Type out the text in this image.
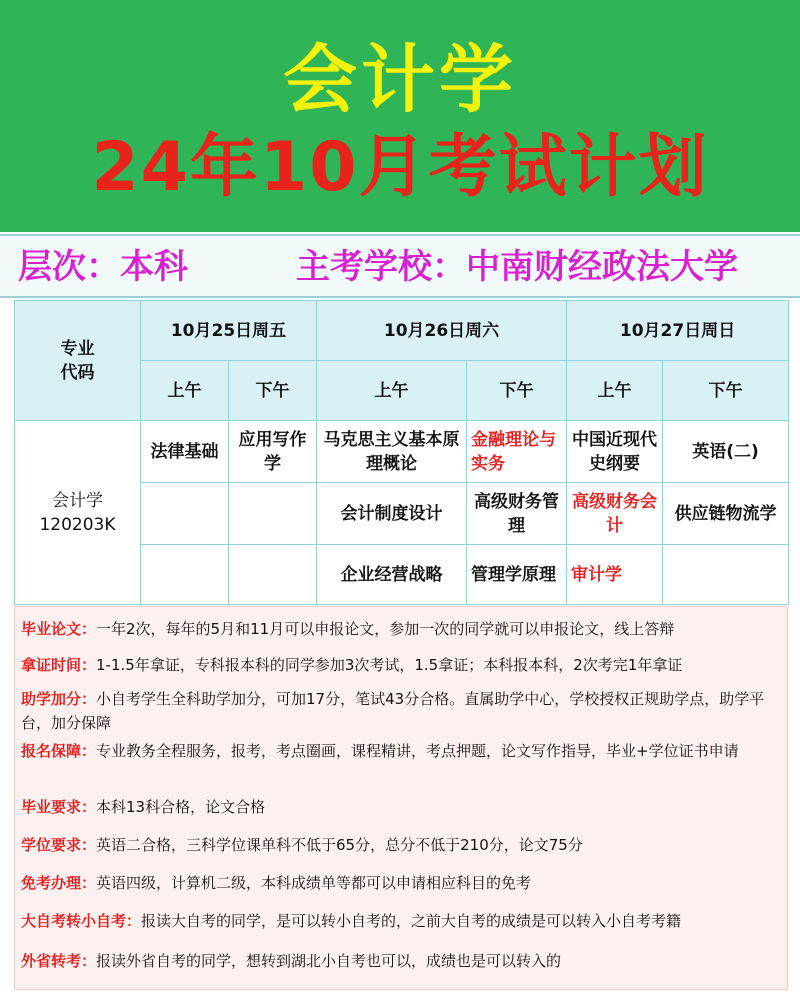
会计学
24年10月考试计划
层次：本科	主考学校：中南财经政法大学
专业
代码	10月25日周五		10月26日周六		10月27日周日	
	上午	下午	上午	下午	上午	下午
会计学
120203K	法律基础	应用写作学	马克思主义基本原理概论	金融理论与实务	中国近现代史纲要	英语(二)
			会计制度设计	高级财务管理	高级财务会计	供应链物流学
			企业经营战略	管理学原理	审计学	
毕业论文：一年2次，每年的5月和11月可以申报论文，参加一次的同学就可以申报论文，线上答辩
拿证时间：1-1.5年拿证，专科报本科的同学参加3次考试，1.5拿证；本科报本科，2次考完1年拿证
助学加分：小自考学生全科助学加分，可加17分，笔试43分合格。直属助学中心，学校授权正规助学点，助学平台，加分保障
报名保障：专业教务全程服务，报考，考点圈画，课程精讲，考点押题，论文写作指导，毕业+学位证书申请
毕业要求：本科13科合格，论文合格
学位要求：英语二合格，三科学位课单科不低于65分，总分不低于210分，论文75分
免考办理：英语四级，计算机二级，本科成绩单等都可以申请相应科目的免考
大自考转小自考：报读大自考的同学，是可以转小自考的，之前大自考的成绩是可以转入小自考考籍
外省转考：报读外省自考的同学，想转到湖北小自考也可以，成绩也是可以转入的
